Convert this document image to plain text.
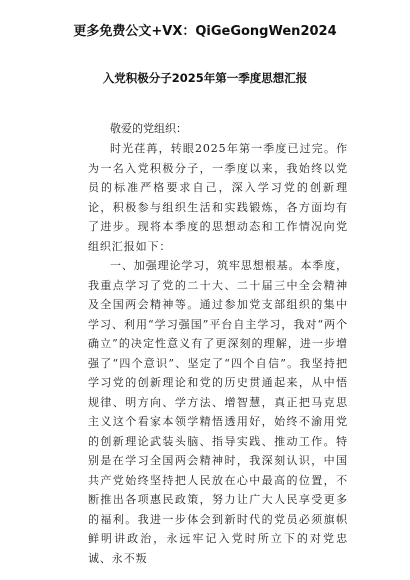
更多免费公文+VX：QiGeGongWen2024
入党积极分子2025年第一季度思想汇报
敬爱的党组织：

时光荏苒，转眼2025年第一季度已过完。作为一名入党积极分子，一季度以来，我始终以党员的标准严格要求自己，深入学习党的创新理论，积极参与组织生活和实践锻炼，各方面均有了进步。现将本季度的思想动态和工作情况向党组织汇报如下：

一、加强理论学习，筑牢思想根基。本季度，我重点学习了党的二十大、二十届三中全会精神及全国两会精神等。通过参加党支部组织的集中学习、利用“学习强国”平台自主学习，我对“两个确立”的决定性意义有了更深刻的理解，进一步增强了“四个意识”、坚定了“四个自信”。我坚持把学习党的创新理论和党的历史贯通起来，从中悟规律、明方向、学方法、增智慧，真正把马克思主义这个看家本领学精悟透用好，始终不渝用党的创新理论武装头脑、指导实践、推动工作。特别是在学习全国两会精神时，我深刻认识，中国共产党始终坚持把人民放在心中最高的位置，不断推出各项惠民政策，努力让广大人民享受更多的福利。我进一步体会到新时代的党员必须旗帜鲜明讲政治，永远牢记入党时所立下的对党忠诚、永不叛
